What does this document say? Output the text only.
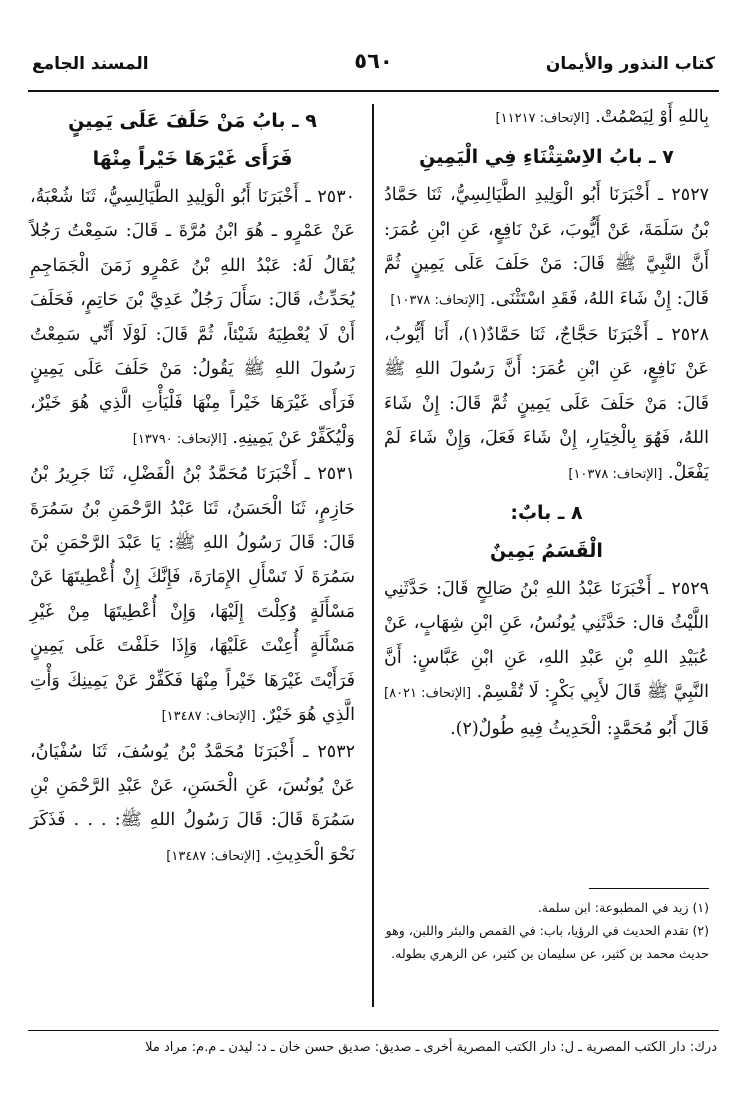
كتاب النذور والأيمان
٥٦٠
المسند الجامع

بِاللهِ أَوْ لِيَصْمُتْ. [الإتحاف: ١١٢١٧]

٧ ـ بابُ الاِسْتِثْنَاءِ فِي الْيَمِينِ

٢٥٢٧ ـ أَخْبَرَنَا أَبُو الْوَلِيدِ الطَّيَالِسِيُّ، ثَنَا حَمَّادُ بْنُ سَلَمَةَ، عَنْ أَيُّوبَ، عَنْ نَافِعٍ، عَنِ ابْنِ عُمَرَ: أَنَّ النَّبِيَّ ﷺ قَالَ: مَنْ حَلَفَ عَلَى يَمِينٍ ثُمَّ قَالَ: إِنْ شَاءَ اللهُ، فَقَدِ اسْتَثْنَى. [الإتحاف: ١٠٣٧٨]

٢٥٢٨ ـ أَخْبَرَنَا حَجَّاجٌ، ثَنَا حَمَّادٌ(١)، أَنَا أَيُّوبُ، عَنْ نَافِعٍ، عَنِ ابْنِ عُمَرَ: أَنَّ رَسُولَ اللهِ ﷺ قَالَ: مَنْ حَلَفَ عَلَى يَمِينٍ ثُمَّ قَالَ: إِنْ شَاءَ اللهُ، فَهُوَ بِالْخِيَارِ، إِنْ شَاءَ فَعَلَ، وَإِنْ شَاءَ لَمْ يَفْعَلْ. [الإتحاف: ١٠٣٧٨]

٨ ـ بابٌ:

الْقَسَمُ يَمِينٌ

٢٥٢٩ ـ أَخْبَرَنَا عَبْدُ اللهِ بْنُ صَالِحٍ قَالَ: حَدَّثَنِي اللَّيْثُ قال: حَدَّثَنِي يُونُسُ، عَنِ ابْنِ شِهَابٍ، عَنْ عُبَيْدِ اللهِ بْنِ عَبْدِ اللهِ، عَنِ ابْنِ عَبَّاسٍ: أَنَّ النَّبِيَّ ﷺ قَالَ لأَبِي بَكْرٍ: لَا تُقْسِمْ. [الإتحاف: ٨٠٢١]

قَالَ أَبُو مُحَمَّدٍ: الْحَدِيثُ فِيهِ طُولٌ(٢).

(١) زيد في المطبوعة: ابن سلمة.

(٢) تقدم الحديث في الرؤيا، باب: في القمص والبئر واللبن، وهو حديث محمد بن كثير، عن سليمان بن كثير، عن الزهري بطوله.

٩ ـ بابُ مَنْ حَلَفَ عَلَى يَمِينٍ

فَرَأَى غَيْرَهَا خَيْراً مِنْهَا

٢٥٣٠ ـ أَخْبَرَنَا أَبُو الْوَلِيدِ الطَّيَالِسِيُّ، ثَنَا شُعْبَةُ، عَنْ عَمْرٍو ـ هُوَ ابْنُ مُرَّةَ ـ قَالَ: سَمِعْتُ رَجُلاً يُقَالُ لَهُ: عَبْدُ اللهِ بْنُ عَمْرٍو زَمَنَ الْجَمَاجِمِ يُحَدِّثُ، قَالَ: سَأَلَ رَجُلٌ عَدِيَّ بْنَ حَاتِمٍ، فَحَلَفَ أَنْ لَا يُعْطِيَهُ شَيْئاً، ثُمَّ قَالَ: لَوْلَا أَنِّي سَمِعْتُ رَسُولَ اللهِ ﷺ يَقُولُ: مَنْ حَلَفَ عَلَى يَمِينٍ فَرَأَى غَيْرَهَا خَيْراً مِنْهَا فَلْيَأْتِ الَّذِي هُوَ خَيْرٌ، وَلْيُكَفِّرْ عَنْ يَمِينِهِ. [الإتحاف: ١٣٧٩٠]

٢٥٣١ ـ أَخْبَرَنَا مُحَمَّدُ بْنُ الْفَضْلِ، ثَنَا جَرِيرُ بْنُ حَازِمٍ، ثَنَا الْحَسَنُ، ثَنَا عَبْدُ الرَّحْمَنِ بْنُ سَمُرَةَ قَالَ: قَالَ رَسُولُ اللهِ ﷺ: يَا عَبْدَ الرَّحْمَنِ بْنَ سَمُرَةَ لَا تَسْأَلِ الإِمَارَةَ، فَإِنَّكَ إِنْ أُعْطِيتَهَا عَنْ مَسْأَلَةٍ وُكِلْتَ إِلَيْهَا، وَإِنْ أُعْطِيتَهَا مِنْ غَيْرِ مَسْأَلَةٍ أُعِنْتَ عَلَيْهَا، وَإِذَا حَلَفْتَ عَلَى يَمِينٍ فَرَأَيْتَ غَيْرَهَا خَيْراً مِنْهَا فَكَفِّرْ عَنْ يَمِينِكَ وَأْتِ الَّذِي هُوَ خَيْرٌ. [الإتحاف: ١٣٤٨٧]

٢٥٣٢ ـ أَخْبَرَنَا مُحَمَّدُ بْنُ يُوسُفَ، ثَنَا سُفْيَانُ، عَنْ يُونُسَ، عَنِ الْحَسَنِ، عَنْ عَبْدِ الرَّحْمَنِ بْنِ سَمُرَةَ قَالَ: قَالَ رَسُولُ اللهِ ﷺ: . . . فَذَكَرَ نَحْوَ الْحَدِيثِ. [الإتحاف: ١٣٤٨٧]

درك: دار الكتب المصرية ـ ل: دار الكتب المصرية أخرى ـ صديق: صديق حسن خان ـ د: ليدن ـ م.م: مراد ملا
